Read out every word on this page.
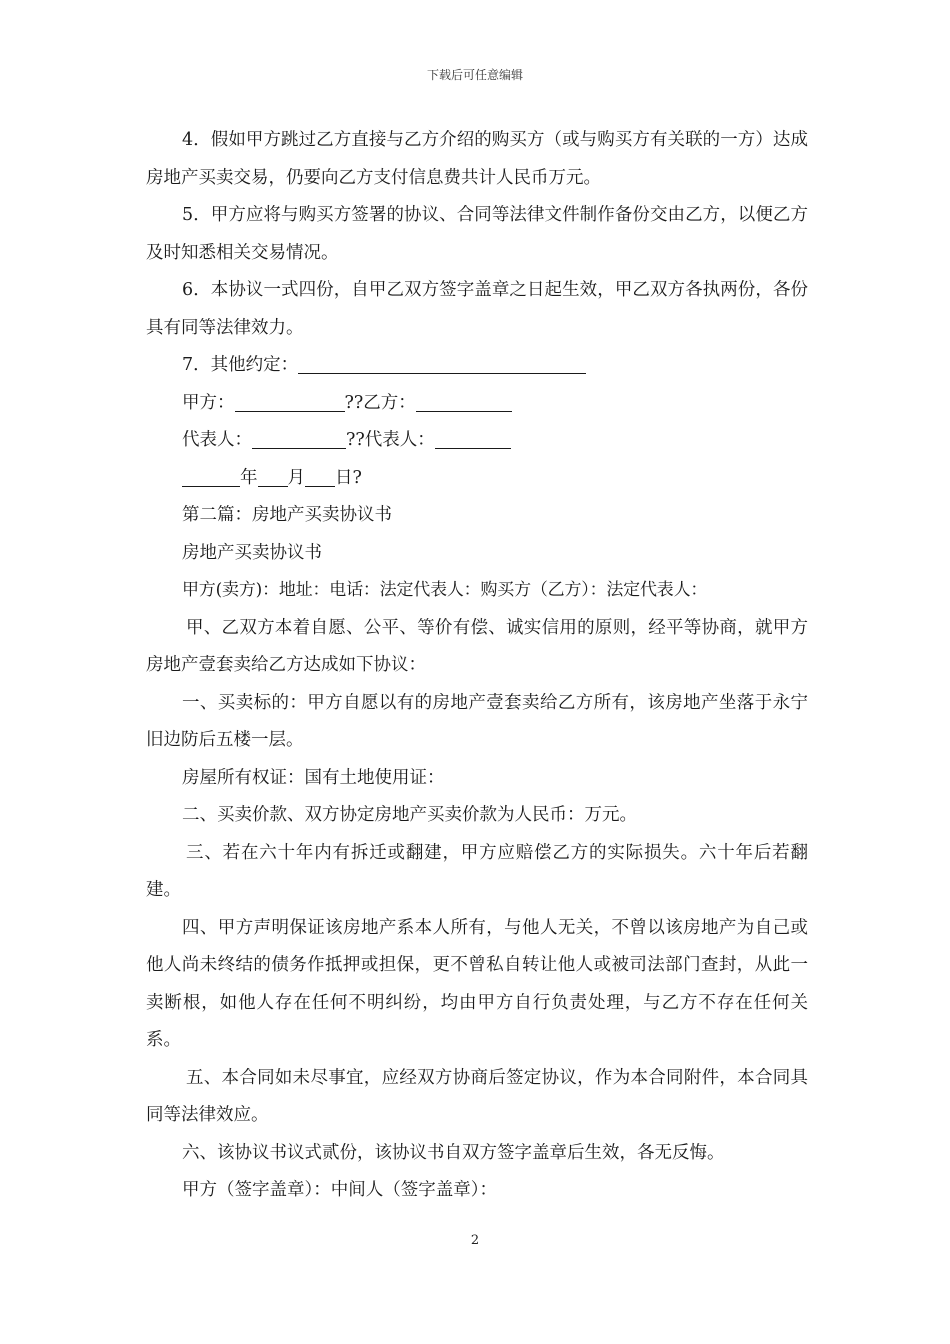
下载后可任意编辑

4．假如甲方跳过乙方直接与乙方介绍的购买方（或与购买方有关联的一方）达成房地产买卖交易，仍要向乙方支付信息费共计人民币万元。

5．甲方应将与购买方签署的协议、合同等法律文件制作备份交由乙方，以便乙方及时知悉相关交易情况。

6．本协议一式四份，自甲乙双方签字盖章之日起生效，甲乙双方各执两份，各份具有同等法律效力。

7．其他约定：

甲方：	??乙方：

代表人：	??代表人：

年 月 日?

第二篇：房地产买卖协议书

房地产买卖协议书

甲方(卖方)：地址：电话：法定代表人：购买方（乙方）：法定代表人：

甲、乙双方本着自愿、公平、等价有偿、诚实信用的原则，经平等协商，就甲方房地产壹套卖给乙方达成如下协议：

一、买卖标的：甲方自愿以有的房地产壹套卖给乙方所有，该房地产坐落于永宁旧边防后五楼一层。

房屋所有权证：国有土地使用证：

二、买卖价款、双方协定房地产买卖价款为人民币：万元。

三、若在六十年内有拆迁或翻建，甲方应赔偿乙方的实际损失。六十年后若翻建。

四、甲方声明保证该房地产系本人所有，与他人无关，不曾以该房地产为自己或他人尚未终结的债务作抵押或担保，更不曾私自转让他人或被司法部门查封，从此一卖断根，如他人存在任何不明纠纷，均由甲方自行负责处理，与乙方不存在任何关系。

五、本合同如未尽事宜，应经双方协商后签定协议，作为本合同附件，本合同具同等法律效应。

六、该协议书议式贰份，该协议书自双方签字盖章后生效，各无反悔。

甲方（签字盖章）：中间人（签字盖章）：

2
